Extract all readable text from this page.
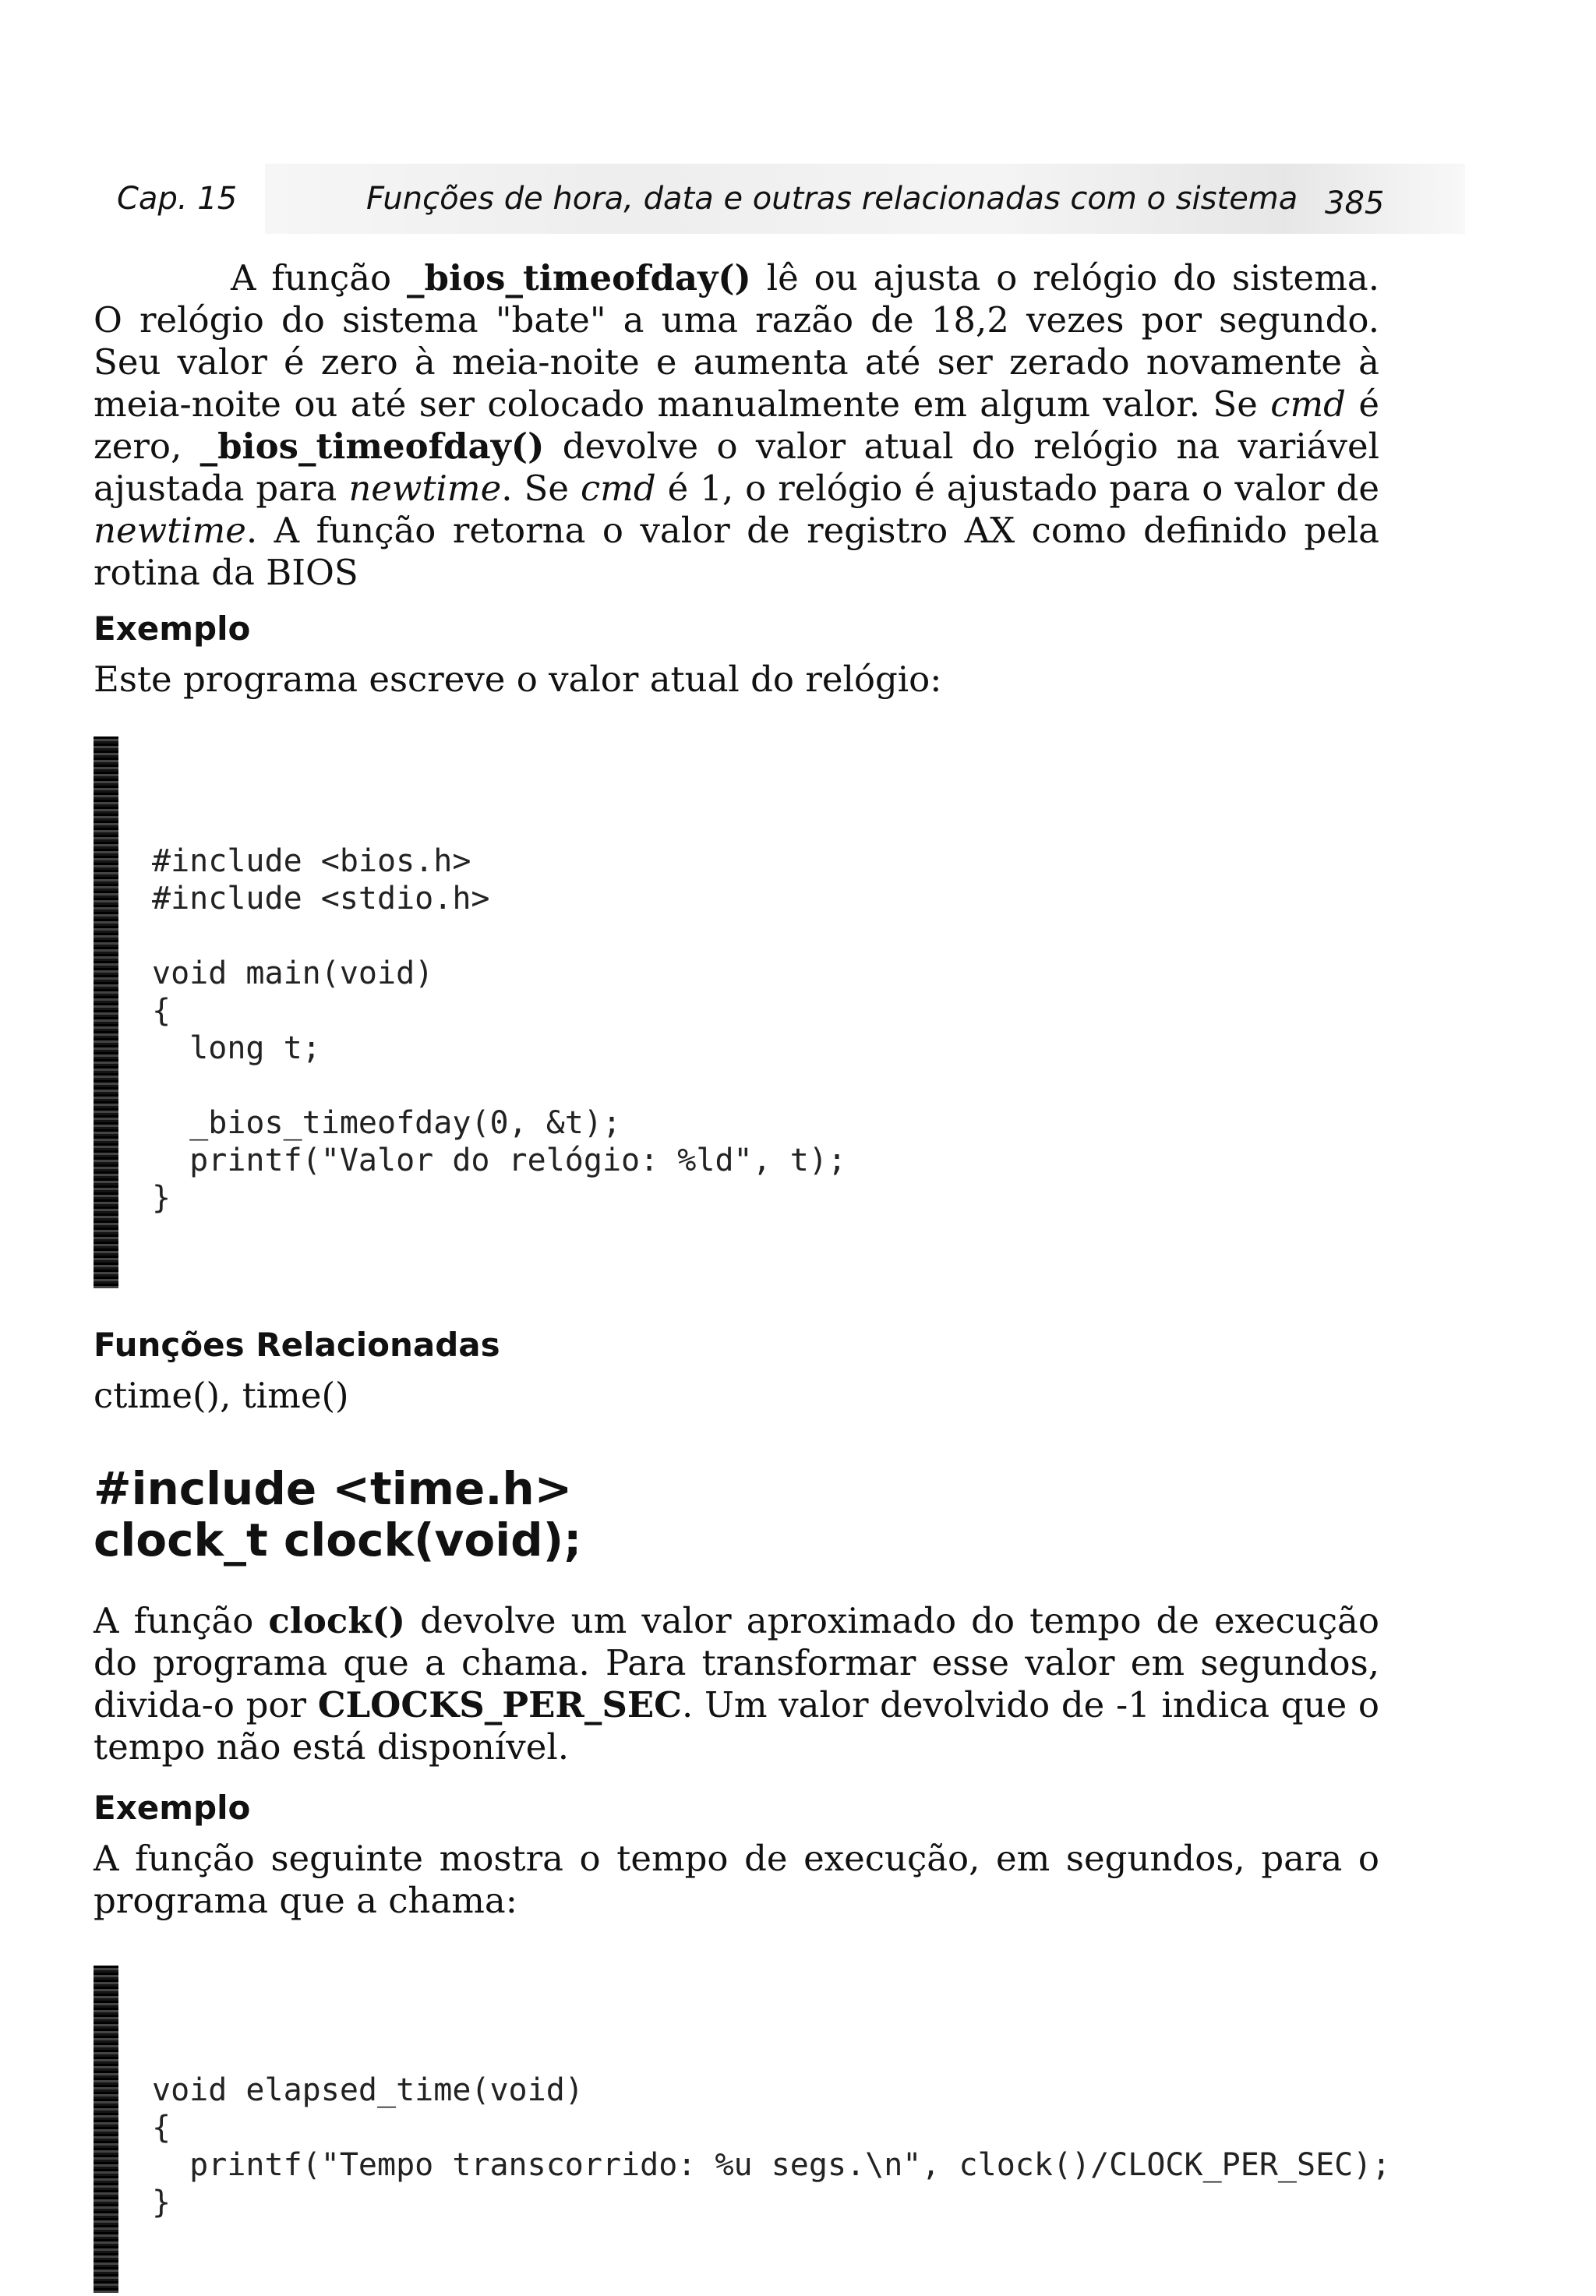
Cap. 15	Funções de hora, data e outras relacionadas com o sistema 385

A função _bios_timeofday() lê ou ajusta o relógio do sistema. O relógio do sistema "bate" a uma razão de 18,2 vezes por segundo. Seu valor é zero à meia-noite e aumenta até ser zerado novamente à meia-noite ou até ser colocado manualmente em algum valor. Se cmd é zero, _bios_timeofday() devolve o valor atual do relógio na variável ajustada para newtime. Se cmd é 1, o relógio é ajustado para o valor de newtime. A função retorna o valor de registro AX como definido pela rotina da BIOS

Exemplo

Este programa escreve o valor atual do relógio:

#include <bios.h>
#include <stdio.h>

void main(void)
{
long t;

_bios_timeofday(0, &t);
printf("Valor do relógio: %ld", t);
}

Funções Relacionadas

ctime(), time()

#include <time.h>
clock_t clock(void);

A função clock() devolve um valor aproximado do tempo de execução do programa que a chama. Para transformar esse valor em segundos, divida-o por CLOCKS_PER_SEC. Um valor devolvido de -1 indica que o tempo não está disponível.

Exemplo

A função seguinte mostra o tempo de execução, em segundos, para o programa que a chama:

void elapsed_time(void)
{
printf("Tempo transcorrido: %u segs.\n", clock()/CLOCK_PER_SEC);
}
